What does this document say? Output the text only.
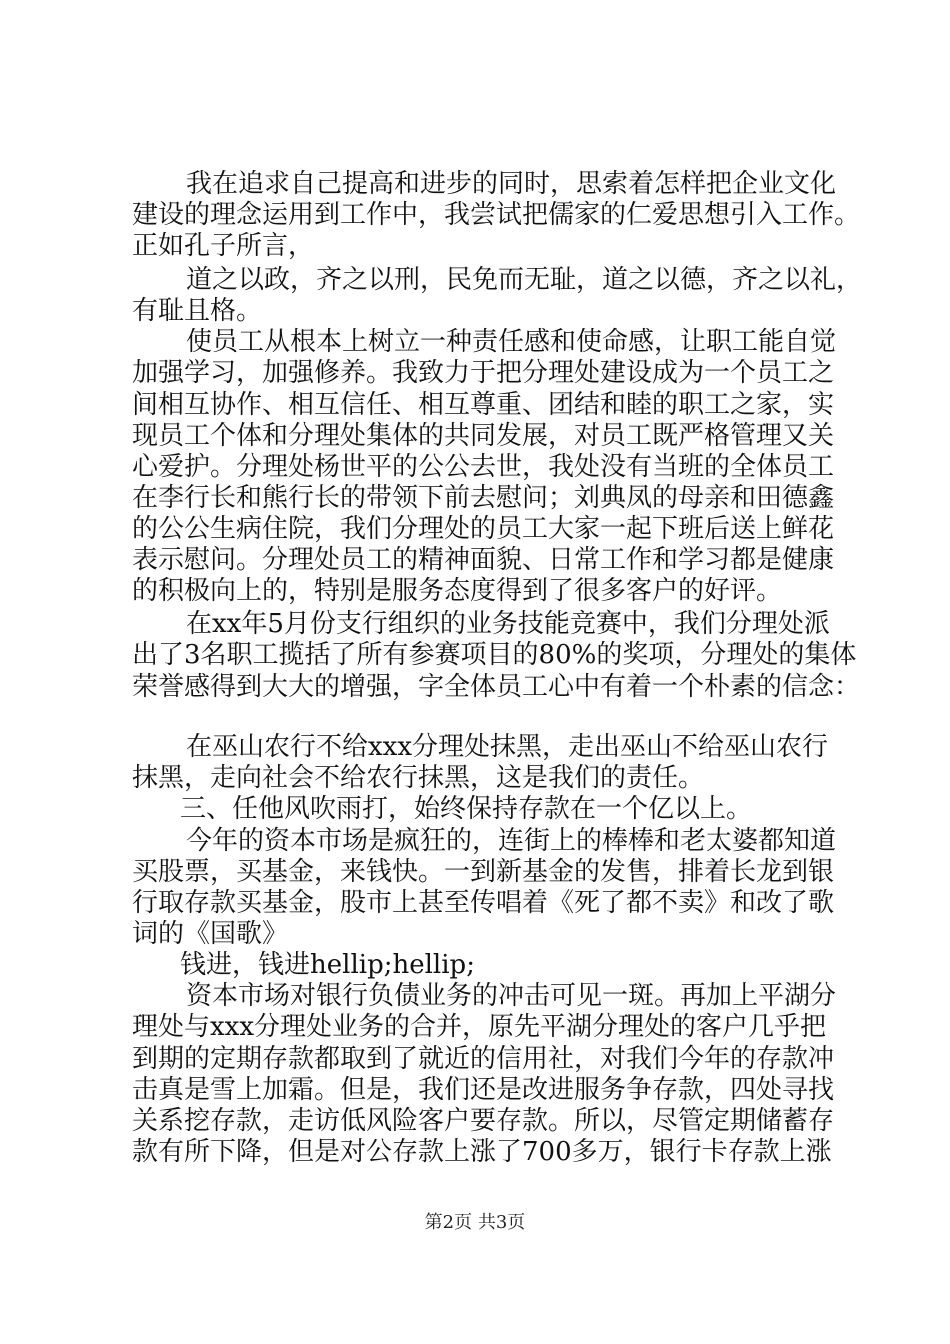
我在追求自己提高和进步的同时，思索着怎样把企业文化

建设的理念运用到工作中，我尝试把儒家的仁爱思想引入工作。

正如孔子所言，

道之以政，齐之以刑，民免而无耻，道之以德，齐之以礼，

有耻且格。

使员工从根本上树立一种责任感和使命感，让职工能自觉

加强学习，加强修养。我致力于把分理处建设成为一个员工之

间相互协作、相互信任、相互尊重、团结和睦的职工之家，实

现员工个体和分理处集体的共同发展，对员工既严格管理又关

心爱护。分理处杨世平的公公去世，我处没有当班的全体员工

在李行长和熊行长的带领下前去慰问；刘典凤的母亲和田德鑫

的公公生病住院，我们分理处的员工大家一起下班后送上鲜花

表示慰问。分理处员工的精神面貌、日常工作和学习都是健康

的积极向上的，特别是服务态度得到了很多客户的好评。

在xx年5月份支行组织的业务技能竞赛中，我们分理处派

出了3名职工揽括了所有参赛项目的80%的奖项，分理处的集体

荣誉感得到大大的增强，字全体员工心中有着一个朴素的信念：

在巫山农行不给xxx分理处抹黑，走出巫山不给巫山农行

抹黑，走向社会不给农行抹黑，这是我们的责任。

三、任他风吹雨打，始终保持存款在一个亿以上。

今年的资本市场是疯狂的，连街上的棒棒和老太婆都知道

买股票，买基金，来钱快。一到新基金的发售，排着长龙到银

行取存款买基金，股市上甚至传唱着《死了都不卖》和改了歌

词的《国歌》

钱进，钱进hellip;hellip;

资本市场对银行负债业务的冲击可见一斑。再加上平湖分

理处与xxx分理处业务的合并，原先平湖分理处的客户几乎把

到期的定期存款都取到了就近的信用社，对我们今年的存款冲

击真是雪上加霜。但是，我们还是改进服务争存款，四处寻找

关系挖存款，走访低风险客户要存款。所以，尽管定期储蓄存

款有所下降，但是对公存款上涨了700多万，银行卡存款上涨

第2页 共3页
